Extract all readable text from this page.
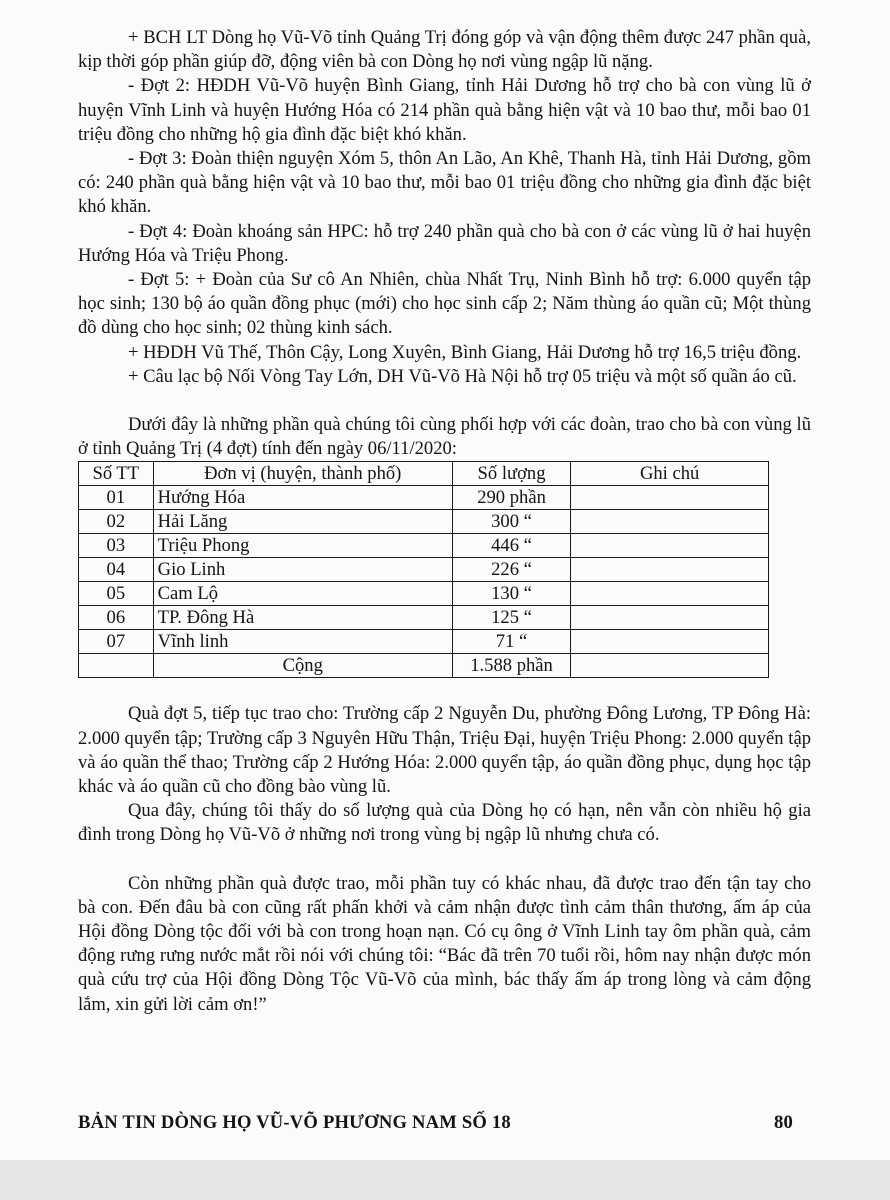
+ BCH LT Dòng họ Vũ-Võ tỉnh Quảng Trị đóng góp và vận động thêm được 247 phần quà, kịp thời góp phần giúp đỡ, động viên bà con Dòng họ nơi vùng ngập lũ nặng.

- Đợt 2: HĐDH Vũ-Võ huyện Bình Giang, tỉnh Hải Dương hỗ trợ cho bà con vùng lũ ở huyện Vĩnh Linh và huyện Hướng Hóa có 214 phần quà bằng hiện vật và 10 bao thư, mỗi bao 01 triệu đồng cho những hộ gia đình đặc biệt khó khăn.

- Đợt 3: Đoàn thiện nguyện Xóm 5, thôn An Lão, An Khê, Thanh Hà, tỉnh Hải Dương, gồm có: 240 phần quà bằng hiện vật và 10 bao thư, mỗi bao 01 triệu đồng cho những gia đình đặc biệt khó khăn.

- Đợt 4: Đoàn khoáng sản HPC: hỗ trợ 240 phần quà cho bà con ở các vùng lũ ở hai huyện Hướng Hóa và Triệu Phong.

- Đợt 5: + Đoàn của Sư cô An Nhiên, chùa Nhất Trụ, Ninh Bình hỗ trợ: 6.000 quyển tập học sinh; 130 bộ áo quần đồng phục (mới) cho học sinh cấp 2; Năm thùng áo quần cũ; Một thùng đồ dùng cho học sinh; 02 thùng kinh sách.

+ HĐDH Vũ Thế, Thôn Cậy, Long Xuyên, Bình Giang, Hải Dương hỗ trợ 16,5 triệu đồng.

+ Câu lạc bộ Nối Vòng Tay Lớn, DH Vũ-Võ Hà Nội hỗ trợ 05 triệu và một số quần áo cũ.

Dưới đây là những phần quà chúng tôi cùng phối hợp với các đoàn, trao cho bà con vùng lũ ở tỉnh Quảng Trị (4 đợt) tính đến ngày 06/11/2020:

Số TT	Đơn vị (huyện, thành phố)	Số lượng	Ghi chú
01	Hướng Hóa	290 phần	
02	Hải Lăng	300 “	
03	Triệu Phong	446 “	
04	Gio Linh	226 “	
05	Cam Lộ	130 “	
06	TP. Đông Hà	125 “	
07	Vĩnh linh	71 “	
	Cộng	1.588 phần	

Quà đợt 5, tiếp tục trao cho: Trường cấp 2 Nguyễn Du, phường Đông Lương, TP Đông Hà: 2.000 quyển tập; Trường cấp 3 Nguyên Hữu Thận, Triệu Đại, huyện Triệu Phong: 2.000 quyển tập và áo quần thể thao; Trường cấp 2 Hướng Hóa: 2.000 quyển tập, áo quần đồng phục, dụng học tập khác và áo quần cũ cho đồng bào vùng lũ.

Qua đây, chúng tôi thấy do số lượng quà của Dòng họ có hạn, nên vẫn còn nhiều hộ gia đình trong Dòng họ Vũ-Võ ở những nơi trong vùng bị ngập lũ nhưng chưa có.

Còn những phần quà được trao, mỗi phần tuy có khác nhau, đã được trao đến tận tay cho bà con. Đến đâu bà con cũng rất phấn khởi và cảm nhận được tình cảm thân thương, ấm áp của Hội đồng Dòng tộc đối với bà con trong hoạn nạn. Có cụ ông ở Vĩnh Linh tay ôm phần quà, cảm động rưng rưng nước mắt rồi nói với chúng tôi: “Bác đã trên 70 tuổi rồi, hôm nay nhận được món quà cứu trợ của Hội đồng Dòng Tộc Vũ-Võ của mình, bác thấy ấm áp trong lòng và cảm động lắm, xin gửi lời cảm ơn!”

BẢN TIN DÒNG HỌ VŨ-VÕ PHƯƠNG NAM SỐ 18	80
